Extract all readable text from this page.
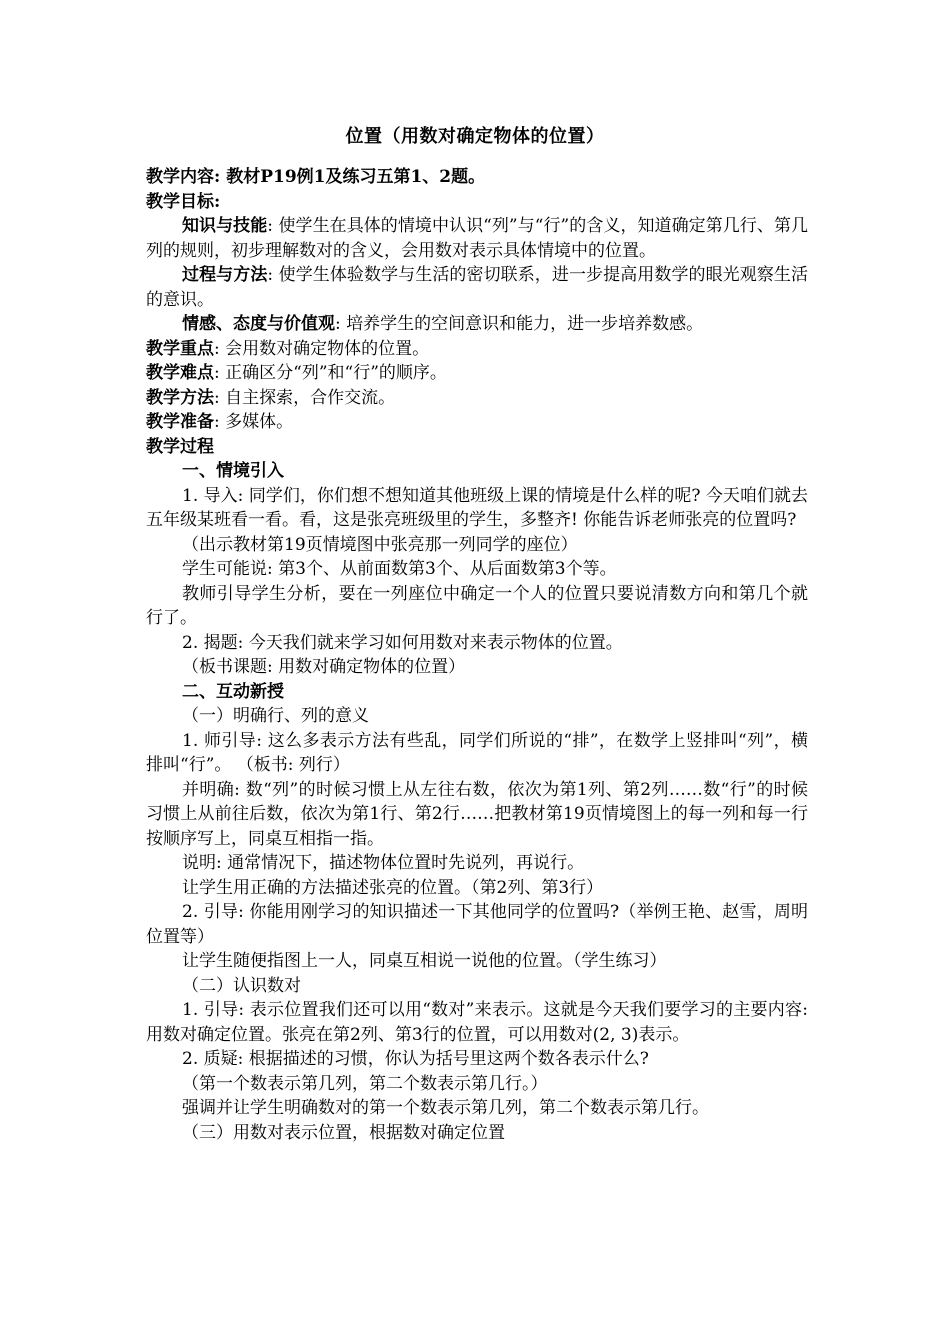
位置（用数对确定物体的位置）

教学内容: 教材P19例1及练习五第1、2题。

教学目标:

知识与技能: 使学生在具体的情境中认识“列”与“行”的含义，知道确定第几行、第几列的规则，初步理解数对的含义，会用数对表示具体情境中的位置。

过程与方法: 使学生体验数学与生活的密切联系，进一步提高用数学的眼光观察生活的意识。

情感、态度与价值观: 培养学生的空间意识和能力，进一步培养数感。

教学重点: 会用数对确定物体的位置。

教学难点: 正确区分“列”和“行”的顺序。

教学方法: 自主探索，合作交流。

教学准备: 多媒体。

教学过程

一、情境引入

1. 导入: 同学们，你们想不想知道其他班级上课的情境是什么样的呢? 今天咱们就去五年级某班看一看。看，这是张亮班级里的学生，多整齐! 你能告诉老师张亮的位置吗?

（出示教材第19页情境图中张亮那一列同学的座位）

学生可能说: 第3个、从前面数第3个、从后面数第3个等。

教师引导学生分析，要在一列座位中确定一个人的位置只要说清数方向和第几个就行了。

2. 揭题: 今天我们就来学习如何用数对来表示物体的位置。

（板书课题: 用数对确定物体的位置）

二、互动新授

（一）明确行、列的意义

1. 师引导: 这么多表示方法有些乱，同学们所说的“排”，在数学上竖排叫“列”，横排叫“行”。 （板书: 列行）

并明确: 数“列”的时候习惯上从左往右数，依次为第1列、第2列……数“行”的时候习惯上从前往后数，依次为第1行、第2行……把教材第19页情境图上的每一列和每一行按顺序写上，同桌互相指一指。

说明: 通常情况下，描述物体位置时先说列，再说行。

让学生用正确的方法描述张亮的位置。（第2列、第3行）

2. 引导: 你能用刚学习的知识描述一下其他同学的位置吗?（举例王艳、赵雪，周明位置等）

让学生随便指图上一人，同桌互相说一说他的位置。（学生练习）

（二）认识数对

1. 引导: 表示位置我们还可以用“数对”来表示。这就是今天我们要学习的主要内容: 用数对确定位置。张亮在第2列、第3行的位置，可以用数对(2, 3)表示。

2. 质疑: 根据描述的习惯，你认为括号里这两个数各表示什么?

（第一个数表示第几列，第二个数表示第几行。）

强调并让学生明确数对的第一个数表示第几列，第二个数表示第几行。

（三）用数对表示位置，根据数对确定位置
